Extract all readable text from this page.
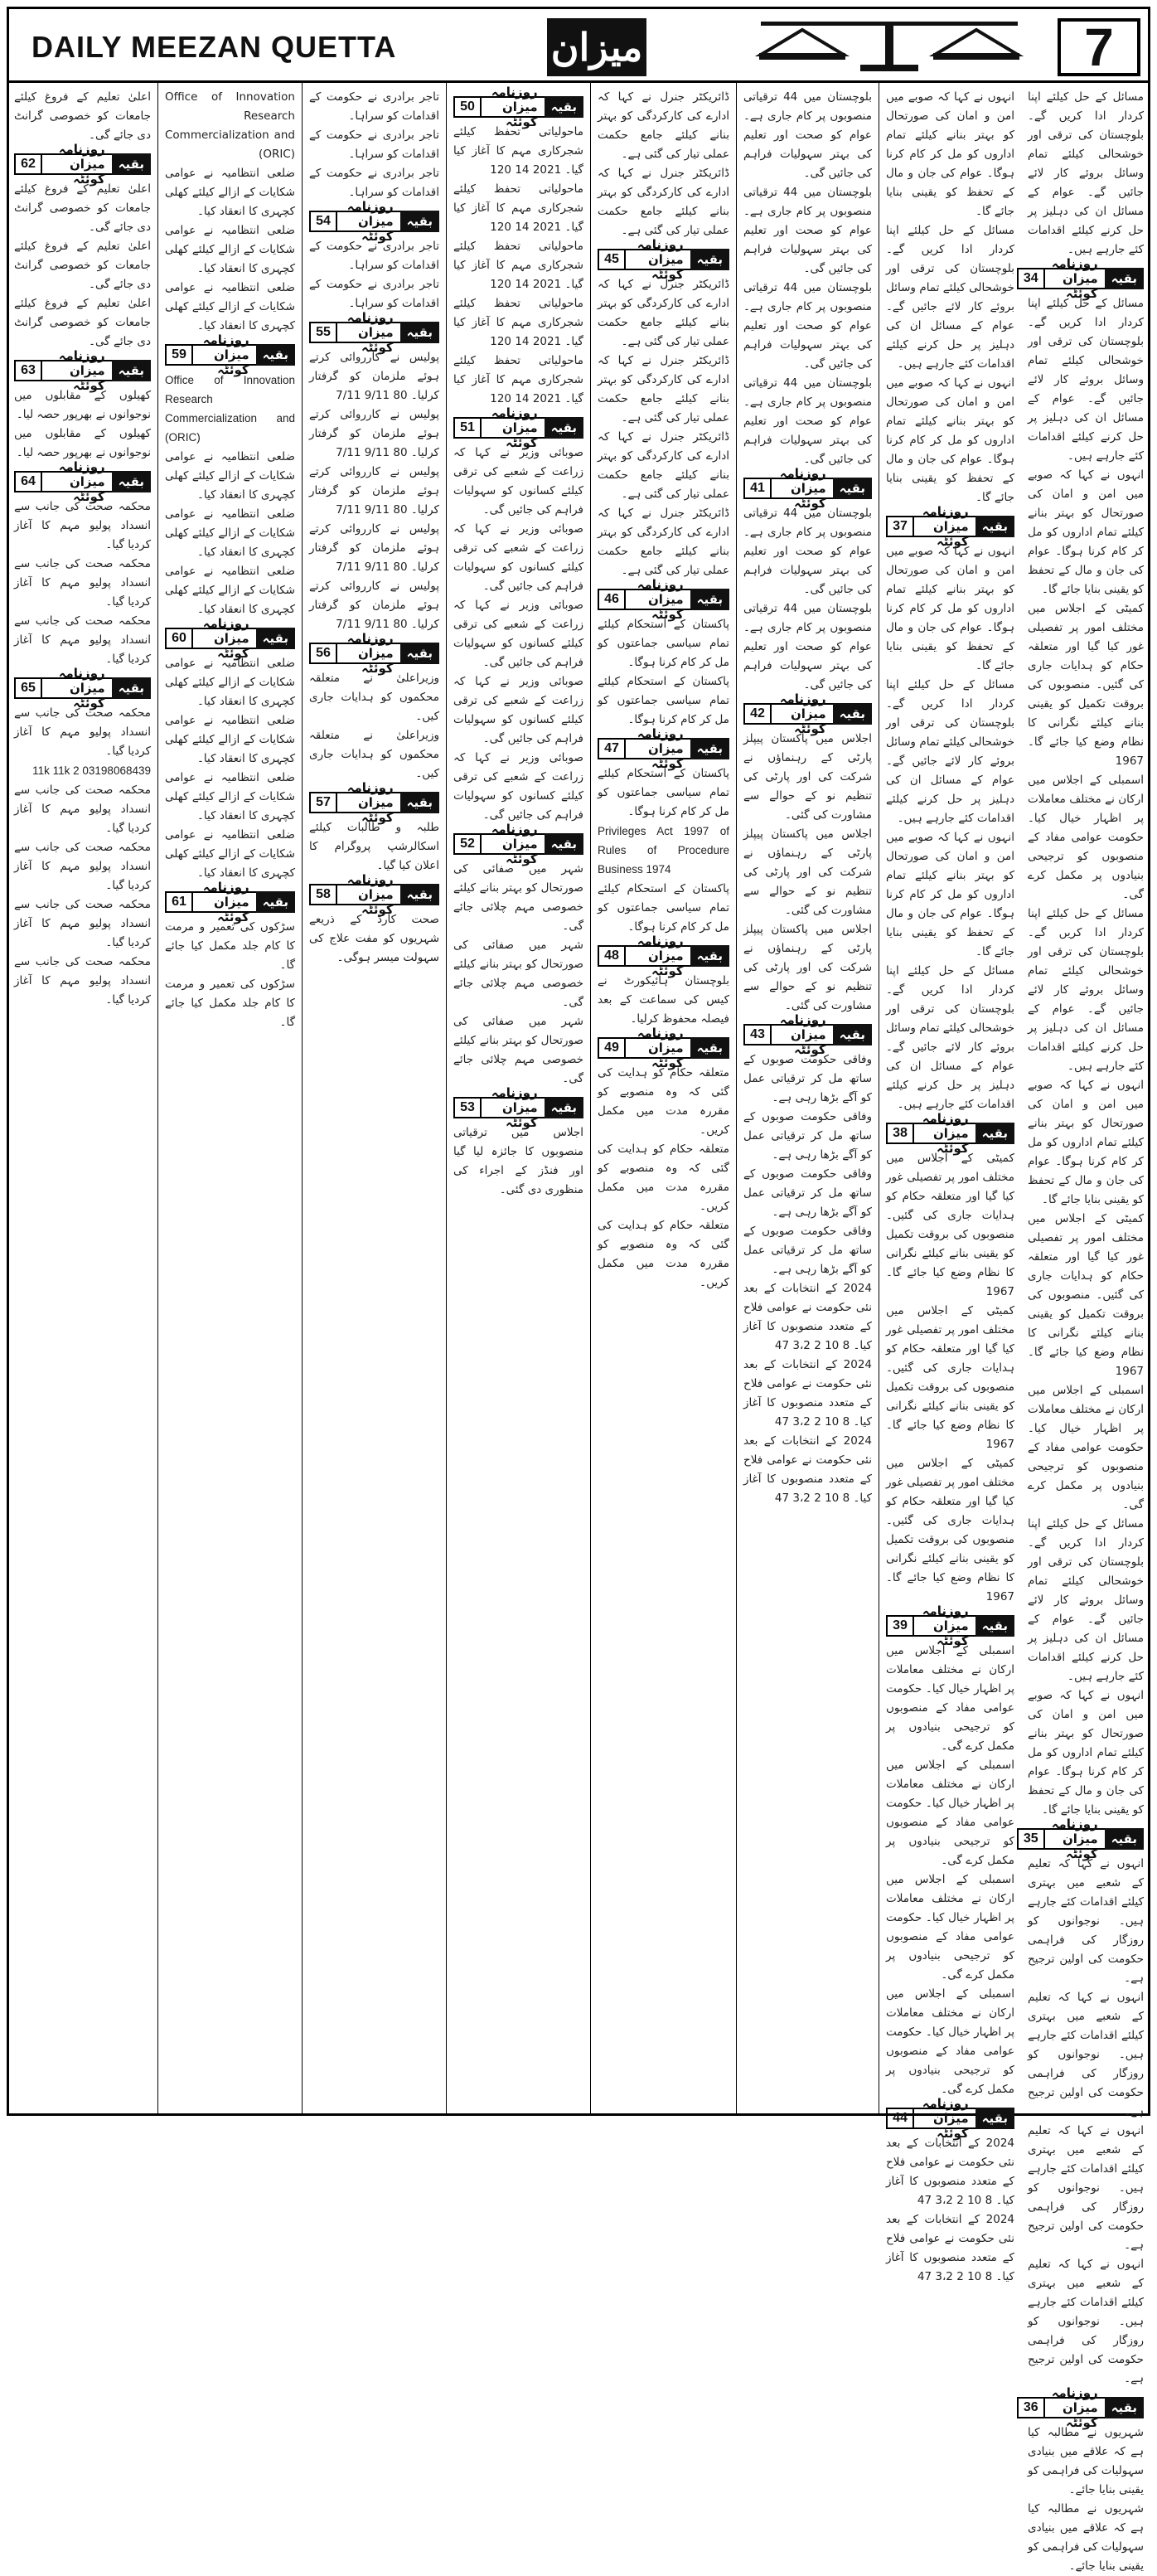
DAILY MEEZAN QUETTA	میزان	7

مسائل کے حل کیلئے اپنا کردار ادا کریں گے۔ بلوچستان کی ترقی اور خوشحالی کیلئے تمام وسائل بروئے کار لائے جائیں گے۔ عوام کے مسائل ان کی دہلیز پر حل کرنے کیلئے اقدامات کئے جارہے ہیں۔

بقیہ
روزنامہ میزان کوئٹہ
34

مسائل کے حل کیلئے اپنا کردار ادا کریں گے۔ بلوچستان کی ترقی اور خوشحالی کیلئے تمام وسائل بروئے کار لائے جائیں گے۔ عوام کے مسائل ان کی دہلیز پر حل کرنے کیلئے اقدامات کئے جارہے ہیں۔

انہوں نے کہا کہ صوبے میں امن و امان کی صورتحال کو بہتر بنانے کیلئے تمام اداروں کو مل کر کام کرنا ہوگا۔ عوام کی جان و مال کے تحفظ کو یقینی بنایا جائے گا۔

کمیٹی کے اجلاس میں مختلف امور پر تفصیلی غور کیا گیا اور متعلقہ حکام کو ہدایات جاری کی گئیں۔ منصوبوں کی بروقت تکمیل کو یقینی بنانے کیلئے نگرانی کا نظام وضع کیا جائے گا۔ 1967

اسمبلی کے اجلاس میں ارکان نے مختلف معاملات پر اظہار خیال کیا۔ حکومت عوامی مفاد کے منصوبوں کو ترجیحی بنیادوں پر مکمل کرے گی۔

مسائل کے حل کیلئے اپنا کردار ادا کریں گے۔ بلوچستان کی ترقی اور خوشحالی کیلئے تمام وسائل بروئے کار لائے جائیں گے۔ عوام کے مسائل ان کی دہلیز پر حل کرنے کیلئے اقدامات کئے جارہے ہیں۔

انہوں نے کہا کہ صوبے میں امن و امان کی صورتحال کو بہتر بنانے کیلئے تمام اداروں کو مل کر کام کرنا ہوگا۔ عوام کی جان و مال کے تحفظ کو یقینی بنایا جائے گا۔

کمیٹی کے اجلاس میں مختلف امور پر تفصیلی غور کیا گیا اور متعلقہ حکام کو ہدایات جاری کی گئیں۔ منصوبوں کی بروقت تکمیل کو یقینی بنانے کیلئے نگرانی کا نظام وضع کیا جائے گا۔ 1967

اسمبلی کے اجلاس میں ارکان نے مختلف معاملات پر اظہار خیال کیا۔ حکومت عوامی مفاد کے منصوبوں کو ترجیحی بنیادوں پر مکمل کرے گی۔

مسائل کے حل کیلئے اپنا کردار ادا کریں گے۔ بلوچستان کی ترقی اور خوشحالی کیلئے تمام وسائل بروئے کار لائے جائیں گے۔ عوام کے مسائل ان کی دہلیز پر حل کرنے کیلئے اقدامات کئے جارہے ہیں۔

انہوں نے کہا کہ صوبے میں امن و امان کی صورتحال کو بہتر بنانے کیلئے تمام اداروں کو مل کر کام کرنا ہوگا۔ عوام کی جان و مال کے تحفظ کو یقینی بنایا جائے گا۔

بقیہ
روزنامہ میزان کوئٹہ
35

انہوں نے کہا کہ تعلیم کے شعبے میں بہتری کیلئے اقدامات کئے جارہے ہیں۔ نوجوانوں کو روزگار کی فراہمی حکومت کی اولین ترجیح ہے۔

انہوں نے کہا کہ تعلیم کے شعبے میں بہتری کیلئے اقدامات کئے جارہے ہیں۔ نوجوانوں کو روزگار کی فراہمی حکومت کی اولین ترجیح ہے۔

انہوں نے کہا کہ تعلیم کے شعبے میں بہتری کیلئے اقدامات کئے جارہے ہیں۔ نوجوانوں کو روزگار کی فراہمی حکومت کی اولین ترجیح ہے۔

انہوں نے کہا کہ تعلیم کے شعبے میں بہتری کیلئے اقدامات کئے جارہے ہیں۔ نوجوانوں کو روزگار کی فراہمی حکومت کی اولین ترجیح ہے۔

بقیہ
روزنامہ میزان کوئٹہ
36

شہریوں نے مطالبہ کیا ہے کہ علاقے میں بنیادی سہولیات کی فراہمی کو یقینی بنایا جائے۔

شہریوں نے مطالبہ کیا ہے کہ علاقے میں بنیادی سہولیات کی فراہمی کو یقینی بنایا جائے۔

انہوں نے کہا کہ صوبے میں امن و امان کی صورتحال کو بہتر بنانے کیلئے تمام اداروں کو مل کر کام کرنا ہوگا۔ عوام کی جان و مال کے تحفظ کو یقینی بنایا جائے گا۔

مسائل کے حل کیلئے اپنا کردار ادا کریں گے۔ بلوچستان کی ترقی اور خوشحالی کیلئے تمام وسائل بروئے کار لائے جائیں گے۔ عوام کے مسائل ان کی دہلیز پر حل کرنے کیلئے اقدامات کئے جارہے ہیں۔

انہوں نے کہا کہ صوبے میں امن و امان کی صورتحال کو بہتر بنانے کیلئے تمام اداروں کو مل کر کام کرنا ہوگا۔ عوام کی جان و مال کے تحفظ کو یقینی بنایا جائے گا۔

بقیہ
روزنامہ میزان کوئٹہ
37

انہوں نے کہا کہ صوبے میں امن و امان کی صورتحال کو بہتر بنانے کیلئے تمام اداروں کو مل کر کام کرنا ہوگا۔ عوام کی جان و مال کے تحفظ کو یقینی بنایا جائے گا۔

مسائل کے حل کیلئے اپنا کردار ادا کریں گے۔ بلوچستان کی ترقی اور خوشحالی کیلئے تمام وسائل بروئے کار لائے جائیں گے۔ عوام کے مسائل ان کی دہلیز پر حل کرنے کیلئے اقدامات کئے جارہے ہیں۔

انہوں نے کہا کہ صوبے میں امن و امان کی صورتحال کو بہتر بنانے کیلئے تمام اداروں کو مل کر کام کرنا ہوگا۔ عوام کی جان و مال کے تحفظ کو یقینی بنایا جائے گا۔

مسائل کے حل کیلئے اپنا کردار ادا کریں گے۔ بلوچستان کی ترقی اور خوشحالی کیلئے تمام وسائل بروئے کار لائے جائیں گے۔ عوام کے مسائل ان کی دہلیز پر حل کرنے کیلئے اقدامات کئے جارہے ہیں۔

بقیہ
روزنامہ میزان کوئٹہ
38

کمیٹی کے اجلاس میں مختلف امور پر تفصیلی غور کیا گیا اور متعلقہ حکام کو ہدایات جاری کی گئیں۔ منصوبوں کی بروقت تکمیل کو یقینی بنانے کیلئے نگرانی کا نظام وضع کیا جائے گا۔ 1967

کمیٹی کے اجلاس میں مختلف امور پر تفصیلی غور کیا گیا اور متعلقہ حکام کو ہدایات جاری کی گئیں۔ منصوبوں کی بروقت تکمیل کو یقینی بنانے کیلئے نگرانی کا نظام وضع کیا جائے گا۔ 1967

کمیٹی کے اجلاس میں مختلف امور پر تفصیلی غور کیا گیا اور متعلقہ حکام کو ہدایات جاری کی گئیں۔ منصوبوں کی بروقت تکمیل کو یقینی بنانے کیلئے نگرانی کا نظام وضع کیا جائے گا۔ 1967

بقیہ
روزنامہ میزان کوئٹہ
39

اسمبلی کے اجلاس میں ارکان نے مختلف معاملات پر اظہار خیال کیا۔ حکومت عوامی مفاد کے منصوبوں کو ترجیحی بنیادوں پر مکمل کرے گی۔

اسمبلی کے اجلاس میں ارکان نے مختلف معاملات پر اظہار خیال کیا۔ حکومت عوامی مفاد کے منصوبوں کو ترجیحی بنیادوں پر مکمل کرے گی۔

اسمبلی کے اجلاس میں ارکان نے مختلف معاملات پر اظہار خیال کیا۔ حکومت عوامی مفاد کے منصوبوں کو ترجیحی بنیادوں پر مکمل کرے گی۔

اسمبلی کے اجلاس میں ارکان نے مختلف معاملات پر اظہار خیال کیا۔ حکومت عوامی مفاد کے منصوبوں کو ترجیحی بنیادوں پر مکمل کرے گی۔

بقیہ
روزنامہ میزان کوئٹہ
44

2024 کے انتخابات کے بعد نئی حکومت نے عوامی فلاح کے متعدد منصوبوں کا آغاز کیا۔ 8 10 2 3،2 47

2024 کے انتخابات کے بعد نئی حکومت نے عوامی فلاح کے متعدد منصوبوں کا آغاز کیا۔ 8 10 2 3،2 47

بلوچستان میں 44 ترقیاتی منصوبوں پر کام جاری ہے۔ عوام کو صحت اور تعلیم کی بہتر سہولیات فراہم کی جائیں گی۔

بلوچستان میں 44 ترقیاتی منصوبوں پر کام جاری ہے۔ عوام کو صحت اور تعلیم کی بہتر سہولیات فراہم کی جائیں گی۔

بلوچستان میں 44 ترقیاتی منصوبوں پر کام جاری ہے۔ عوام کو صحت اور تعلیم کی بہتر سہولیات فراہم کی جائیں گی۔

بلوچستان میں 44 ترقیاتی منصوبوں پر کام جاری ہے۔ عوام کو صحت اور تعلیم کی بہتر سہولیات فراہم کی جائیں گی۔

بقیہ
روزنامہ میزان کوئٹہ
41

بلوچستان میں 44 ترقیاتی منصوبوں پر کام جاری ہے۔ عوام کو صحت اور تعلیم کی بہتر سہولیات فراہم کی جائیں گی۔

بلوچستان میں 44 ترقیاتی منصوبوں پر کام جاری ہے۔ عوام کو صحت اور تعلیم کی بہتر سہولیات فراہم کی جائیں گی۔

بقیہ
روزنامہ میزان کوئٹہ
42

اجلاس میں پاکستان پیپلز پارٹی کے رہنماؤں نے شرکت کی اور پارٹی کی تنظیم نو کے حوالے سے مشاورت کی گئی۔

اجلاس میں پاکستان پیپلز پارٹی کے رہنماؤں نے شرکت کی اور پارٹی کی تنظیم نو کے حوالے سے مشاورت کی گئی۔

اجلاس میں پاکستان پیپلز پارٹی کے رہنماؤں نے شرکت کی اور پارٹی کی تنظیم نو کے حوالے سے مشاورت کی گئی۔

بقیہ
روزنامہ میزان کوئٹہ
43

وفاقی حکومت صوبوں کے ساتھ مل کر ترقیاتی عمل کو آگے بڑھا رہی ہے۔

وفاقی حکومت صوبوں کے ساتھ مل کر ترقیاتی عمل کو آگے بڑھا رہی ہے۔

وفاقی حکومت صوبوں کے ساتھ مل کر ترقیاتی عمل کو آگے بڑھا رہی ہے۔

وفاقی حکومت صوبوں کے ساتھ مل کر ترقیاتی عمل کو آگے بڑھا رہی ہے۔

2024 کے انتخابات کے بعد نئی حکومت نے عوامی فلاح کے متعدد منصوبوں کا آغاز کیا۔ 8 10 2 3،2 47

2024 کے انتخابات کے بعد نئی حکومت نے عوامی فلاح کے متعدد منصوبوں کا آغاز کیا۔ 8 10 2 3،2 47

2024 کے انتخابات کے بعد نئی حکومت نے عوامی فلاح کے متعدد منصوبوں کا آغاز کیا۔ 8 10 2 3،2 47

ڈائریکٹر جنرل نے کہا کہ ادارے کی کارکردگی کو بہتر بنانے کیلئے جامع حکمت عملی تیار کی گئی ہے۔

ڈائریکٹر جنرل نے کہا کہ ادارے کی کارکردگی کو بہتر بنانے کیلئے جامع حکمت عملی تیار کی گئی ہے۔

بقیہ
روزنامہ میزان کوئٹہ
45

ڈائریکٹر جنرل نے کہا کہ ادارے کی کارکردگی کو بہتر بنانے کیلئے جامع حکمت عملی تیار کی گئی ہے۔

ڈائریکٹر جنرل نے کہا کہ ادارے کی کارکردگی کو بہتر بنانے کیلئے جامع حکمت عملی تیار کی گئی ہے۔

ڈائریکٹر جنرل نے کہا کہ ادارے کی کارکردگی کو بہتر بنانے کیلئے جامع حکمت عملی تیار کی گئی ہے۔

ڈائریکٹر جنرل نے کہا کہ ادارے کی کارکردگی کو بہتر بنانے کیلئے جامع حکمت عملی تیار کی گئی ہے۔

بقیہ
روزنامہ میزان کوئٹہ
46

پاکستان کے استحکام کیلئے تمام سیاسی جماعتوں کو مل کر کام کرنا ہوگا۔

پاکستان کے استحکام کیلئے تمام سیاسی جماعتوں کو مل کر کام کرنا ہوگا۔

بقیہ
روزنامہ میزان کوئٹہ
47

پاکستان کے استحکام کیلئے تمام سیاسی جماعتوں کو مل کر کام کرنا ہوگا۔

Privileges Act 1997 of Rules of Procedure Business 1974

پاکستان کے استحکام کیلئے تمام سیاسی جماعتوں کو مل کر کام کرنا ہوگا۔

بقیہ
روزنامہ میزان کوئٹہ
48

بلوچستان ہائیکورٹ نے کیس کی سماعت کے بعد فیصلہ محفوظ کرلیا۔

بقیہ
روزنامہ میزان کوئٹہ
49

متعلقہ حکام کو ہدایت کی گئی کہ وہ منصوبے کو مقررہ مدت میں مکمل کریں۔

متعلقہ حکام کو ہدایت کی گئی کہ وہ منصوبے کو مقررہ مدت میں مکمل کریں۔

متعلقہ حکام کو ہدایت کی گئی کہ وہ منصوبے کو مقررہ مدت میں مکمل کریں۔

بقیہ
روزنامہ میزان کوئٹہ
50

ماحولیاتی تحفظ کیلئے شجرکاری مہم کا آغاز کیا گیا۔ 2021 14 120

ماحولیاتی تحفظ کیلئے شجرکاری مہم کا آغاز کیا گیا۔ 2021 14 120

ماحولیاتی تحفظ کیلئے شجرکاری مہم کا آغاز کیا گیا۔ 2021 14 120

ماحولیاتی تحفظ کیلئے شجرکاری مہم کا آغاز کیا گیا۔ 2021 14 120

ماحولیاتی تحفظ کیلئے شجرکاری مہم کا آغاز کیا گیا۔ 2021 14 120

بقیہ
روزنامہ میزان کوئٹہ
51

صوبائی وزیر نے کہا کہ زراعت کے شعبے کی ترقی کیلئے کسانوں کو سہولیات فراہم کی جائیں گی۔

صوبائی وزیر نے کہا کہ زراعت کے شعبے کی ترقی کیلئے کسانوں کو سہولیات فراہم کی جائیں گی۔

صوبائی وزیر نے کہا کہ زراعت کے شعبے کی ترقی کیلئے کسانوں کو سہولیات فراہم کی جائیں گی۔

صوبائی وزیر نے کہا کہ زراعت کے شعبے کی ترقی کیلئے کسانوں کو سہولیات فراہم کی جائیں گی۔

صوبائی وزیر نے کہا کہ زراعت کے شعبے کی ترقی کیلئے کسانوں کو سہولیات فراہم کی جائیں گی۔

بقیہ
روزنامہ میزان کوئٹہ
52

شہر میں صفائی کی صورتحال کو بہتر بنانے کیلئے خصوصی مہم چلائی جائے گی۔

شہر میں صفائی کی صورتحال کو بہتر بنانے کیلئے خصوصی مہم چلائی جائے گی۔

شہر میں صفائی کی صورتحال کو بہتر بنانے کیلئے خصوصی مہم چلائی جائے گی۔

بقیہ
روزنامہ میزان کوئٹہ
53

اجلاس میں ترقیاتی منصوبوں کا جائزہ لیا گیا اور فنڈز کے اجراء کی منظوری دی گئی۔

تاجر برادری نے حکومت کے اقدامات کو سراہا۔

تاجر برادری نے حکومت کے اقدامات کو سراہا۔

تاجر برادری نے حکومت کے اقدامات کو سراہا۔

بقیہ
روزنامہ میزان کوئٹہ
54

تاجر برادری نے حکومت کے اقدامات کو سراہا۔

تاجر برادری نے حکومت کے اقدامات کو سراہا۔

بقیہ
روزنامہ میزان کوئٹہ
55

پولیس نے کارروائی کرتے ہوئے ملزمان کو گرفتار کرلیا۔ 80 9/11 7/11

پولیس نے کارروائی کرتے ہوئے ملزمان کو گرفتار کرلیا۔ 80 9/11 7/11

پولیس نے کارروائی کرتے ہوئے ملزمان کو گرفتار کرلیا۔ 80 9/11 7/11

پولیس نے کارروائی کرتے ہوئے ملزمان کو گرفتار کرلیا۔ 80 9/11 7/11

پولیس نے کارروائی کرتے ہوئے ملزمان کو گرفتار کرلیا۔ 80 9/11 7/11

بقیہ
روزنامہ میزان کوئٹہ
56

وزیراعلیٰ نے متعلقہ محکموں کو ہدایات جاری کیں۔

وزیراعلیٰ نے متعلقہ محکموں کو ہدایات جاری کیں۔

بقیہ
روزنامہ میزان کوئٹہ
57

طلبہ و طالبات کیلئے اسکالرشپ پروگرام کا اعلان کیا گیا۔

بقیہ
روزنامہ میزان کوئٹہ
58

صحت کارڈ کے ذریعے شہریوں کو مفت علاج کی سہولت میسر ہوگی۔

Office of Innovation Research Commercialization and (ORIC)

ضلعی انتظامیہ نے عوامی شکایات کے ازالے کیلئے کھلی کچہری کا انعقاد کیا۔

ضلعی انتظامیہ نے عوامی شکایات کے ازالے کیلئے کھلی کچہری کا انعقاد کیا۔

ضلعی انتظامیہ نے عوامی شکایات کے ازالے کیلئے کھلی کچہری کا انعقاد کیا۔

بقیہ
روزنامہ میزان کوئٹہ
59

Office of Innovation Research Commercialization and (ORIC)

ضلعی انتظامیہ نے عوامی شکایات کے ازالے کیلئے کھلی کچہری کا انعقاد کیا۔

ضلعی انتظامیہ نے عوامی شکایات کے ازالے کیلئے کھلی کچہری کا انعقاد کیا۔

ضلعی انتظامیہ نے عوامی شکایات کے ازالے کیلئے کھلی کچہری کا انعقاد کیا۔

بقیہ
روزنامہ میزان کوئٹہ
60

ضلعی انتظامیہ نے عوامی شکایات کے ازالے کیلئے کھلی کچہری کا انعقاد کیا۔

ضلعی انتظامیہ نے عوامی شکایات کے ازالے کیلئے کھلی کچہری کا انعقاد کیا۔

ضلعی انتظامیہ نے عوامی شکایات کے ازالے کیلئے کھلی کچہری کا انعقاد کیا۔

ضلعی انتظامیہ نے عوامی شکایات کے ازالے کیلئے کھلی کچہری کا انعقاد کیا۔

بقیہ
روزنامہ میزان کوئٹہ
61

سڑکوں کی تعمیر و مرمت کا کام جلد مکمل کیا جائے گا۔

سڑکوں کی تعمیر و مرمت کا کام جلد مکمل کیا جائے گا۔

اعلیٰ تعلیم کے فروغ کیلئے جامعات کو خصوصی گرانٹ دی جائے گی۔

بقیہ
روزنامہ میزان کوئٹہ
62

اعلیٰ تعلیم کے فروغ کیلئے جامعات کو خصوصی گرانٹ دی جائے گی۔

اعلیٰ تعلیم کے فروغ کیلئے جامعات کو خصوصی گرانٹ دی جائے گی۔

اعلیٰ تعلیم کے فروغ کیلئے جامعات کو خصوصی گرانٹ دی جائے گی۔

بقیہ
روزنامہ میزان کوئٹہ
63

کھیلوں کے مقابلوں میں نوجوانوں نے بھرپور حصہ لیا۔

کھیلوں کے مقابلوں میں نوجوانوں نے بھرپور حصہ لیا۔

بقیہ
روزنامہ میزان کوئٹہ
64

محکمہ صحت کی جانب سے انسداد پولیو مہم کا آغاز کردیا گیا۔

محکمہ صحت کی جانب سے انسداد پولیو مہم کا آغاز کردیا گیا۔

محکمہ صحت کی جانب سے انسداد پولیو مہم کا آغاز کردیا گیا۔

بقیہ
روزنامہ میزان کوئٹہ
65

محکمہ صحت کی جانب سے انسداد پولیو مہم کا آغاز کردیا گیا۔

11k 11k 2 03198068439

محکمہ صحت کی جانب سے انسداد پولیو مہم کا آغاز کردیا گیا۔

محکمہ صحت کی جانب سے انسداد پولیو مہم کا آغاز کردیا گیا۔

محکمہ صحت کی جانب سے انسداد پولیو مہم کا آغاز کردیا گیا۔

محکمہ صحت کی جانب سے انسداد پولیو مہم کا آغاز کردیا گیا۔
